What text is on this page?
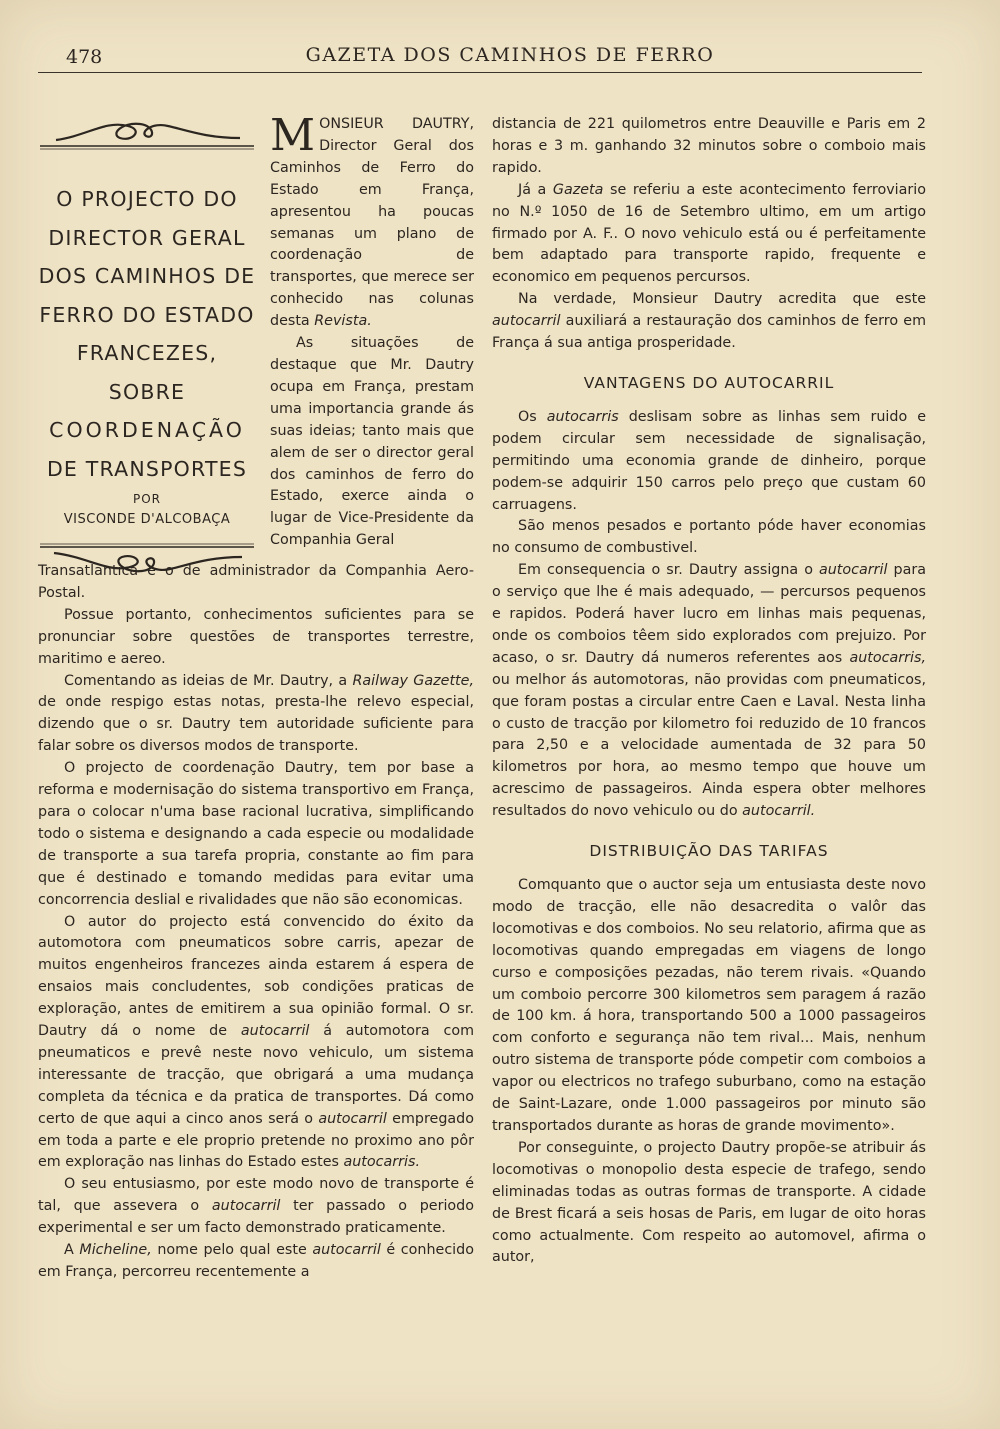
478	GAZETA DOS CAMINHOS DE FERRO
O PROJECTO DO
DIRECTOR GERAL
DOS CAMINHOS DE
FERRO DO ESTADO
FRANCEZES, SOBRE
COORDENAÇÃO
DE TRANSPORTES
POR
VISCONDE D'ALCOBAÇA

MONSIEUR DAUTRY, Director Geral dos Caminhos de Ferro do Estado em França, apresentou ha poucas semanas um plano de coordenação de transportes, que merece ser conhecido nas colunas desta Revista.

As situações de destaque que Mr. Dautry ocupa em França, prestam uma importancia grande ás suas ideias; tanto mais que alem de ser o director geral dos caminhos de ferro do Estado, exerce ainda o lugar de Vice-Presidente da Companhia Geral

Transatlantica e o de administrador da Companhia Aero-Postal.

Possue portanto, conhecimentos suficientes para se pronunciar sobre questões de transportes terrestre, maritimo e aereo.

Comentando as ideias de Mr. Dautry, a Railway Gazette, de onde respigo estas notas, presta-lhe relevo especial, dizendo que o sr. Dautry tem autoridade suficiente para falar sobre os diversos modos de transporte.

O projecto de coordenação Dautry, tem por base a reforma e modernisação do sistema transportivo em França, para o colocar n'uma base racional lucrativa, simplificando todo o sistema e designando a cada especie ou modalidade de transporte a sua tarefa propria, constante ao fim para que é destinado e tomando medidas para evitar uma concorrencia deslial e rivalidades que não são economicas.

O autor do projecto está convencido do éxito da automotora com pneumaticos sobre carris, apezar de muitos engenheiros francezes ainda estarem á espera de ensaios mais concludentes, sob condições praticas de exploração, antes de emitirem a sua opinião formal. O sr. Dautry dá o nome de autocarril á automotora com pneumaticos e prevê neste novo vehiculo, um sistema interessante de tracção, que obrigará a uma mudança completa da técnica e da pratica de transportes. Dá como certo de que aqui a cinco anos será o autocarril empregado em toda a parte e ele proprio pretende no proximo ano pôr em exploração nas linhas do Estado estes autocarris.

O seu entusiasmo, por este modo novo de transporte é tal, que assevera o autocarril ter passado o periodo experimental e ser um facto demonstrado praticamente.

A Micheline, nome pelo qual este autocarril é conhecido em França, percorreu recentemente a

distancia de 221 quilometros entre Deauville e Paris em 2 horas e 3 m. ganhando 32 minutos sobre o comboio mais rapido.

Já a Gazeta se referiu a este acontecimento ferroviario no N.º 1050 de 16 de Setembro ultimo, em um artigo firmado por A. F.. O novo vehiculo está ou é perfeitamente bem adaptado para transporte rapido, frequente e economico em pequenos percursos.

Na verdade, Monsieur Dautry acredita que este autocarril auxiliará a restauração dos caminhos de ferro em França á sua antiga prosperidade.

VANTAGENS DO AUTOCARRIL

Os autocarris deslisam sobre as linhas sem ruido e podem circular sem necessidade de signalisação, permitindo uma economia grande de dinheiro, porque podem-se adquirir 150 carros pelo preço que custam 60 carruagens.

São menos pesados e portanto póde haver economias no consumo de combustivel.

Em consequencia o sr. Dautry assigna o autocarril para o serviço que lhe é mais adequado, — percursos pequenos e rapidos. Poderá haver lucro em linhas mais pequenas, onde os comboios têem sido explorados com prejuizo. Por acaso, o sr. Dautry dá numeros referentes aos autocarris, ou melhor ás automotoras, não providas com pneumaticos, que foram postas a circular entre Caen e Laval. Nesta linha o custo de tracção por kilometro foi reduzido de 10 francos para 2,50 e a velocidade aumentada de 32 para 50 kilometros por hora, ao mesmo tempo que houve um acrescimo de passageiros. Ainda espera obter melhores resultados do novo vehiculo ou do autocarril.

DISTRIBUIÇÃO DAS TARIFAS

Comquanto que o auctor seja um entusiasta deste novo modo de tracção, elle não desacredita o valôr das locomotivas e dos comboios. No seu relatorio, afirma que as locomotivas quando empregadas em viagens de longo curso e composições pezadas, não terem rivais. «Quando um comboio percorre 300 kilometros sem paragem á razão de 100 km. á hora, transportando 500 a 1000 passageiros com conforto e segurança não tem rival... Mais, nenhum outro sistema de transporte póde competir com comboios a vapor ou electricos no trafego suburbano, como na estação de Saint-Lazare, onde 1.000 passageiros por minuto são transportados durante as horas de grande movimento».

Por conseguinte, o projecto Dautry propõe-se atribuir ás locomotivas o monopolio desta especie de trafego, sendo eliminadas todas as outras formas de transporte. A cidade de Brest ficará a seis hosas de Paris, em lugar de oito horas como actualmente. Com respeito ao automovel, afirma o autor,
